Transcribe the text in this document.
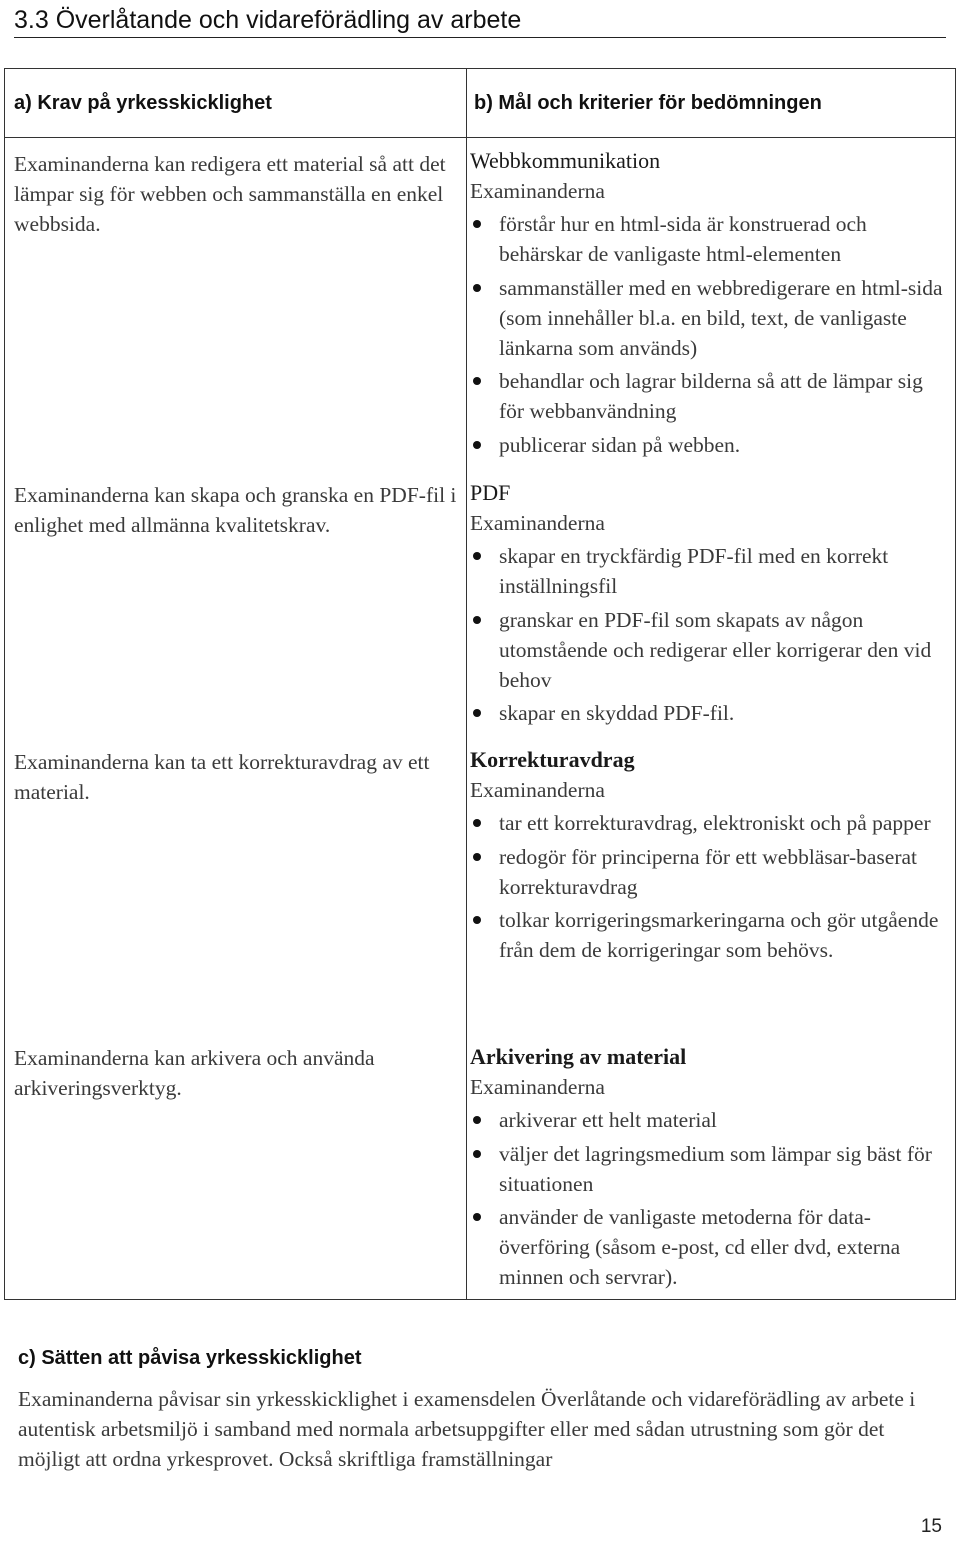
3.3 Överlåtande och vidareförädling av arbete
a) Krav på yrkesskicklighet	b) Mål och kriterier för bedömningen

Examinanderna kan redigera ett material så att det lämpar sig för webben och sammanställa en enkel webbsida.

Examinanderna kan skapa och granska en PDF-fil i enlighet med allmänna kvalitetskrav.

Examinanderna kan ta ett korrekturavdrag av ett material.

Examinanderna kan arkivera och använda arkiveringsverktyg.

Webbkommunikation
Examinanderna
förstår hur en html-sida är konstruerad och behärskar de vanligaste html-elementen
sammanställer med en webbredigerare en html-sida (som innehåller bl.a. en bild, text, de vanligaste länkarna som används)
behandlar och lagrar bilderna så att de lämpar sig för webbanvändning
publicerar sidan på webben.
PDF
Examinanderna
skapar en tryckfärdig PDF-fil med en korrekt inställningsfil
granskar en PDF-fil som skapats av någon utomstående och redigerar eller korrigerar den vid behov
skapar en skyddad PDF-fil.
Korrekturavdrag
Examinanderna
tar ett korrekturavdrag, elektroniskt och på papper
redogör för principerna för ett webbläsar-baserat korrekturavdrag
tolkar korrigeringsmarkeringarna och gör utgående från dem de korrigeringar som behövs.
Arkivering av material
Examinanderna
arkiverar ett helt material
väljer det lagringsmedium som lämpar sig bäst för situationen
använder de vanligaste metoderna för data-överföring (såsom e-post, cd eller dvd, externa minnen och servrar).
c) Sätten att påvisa yrkesskicklighet

Examinanderna påvisar sin yrkesskicklighet i examensdelen Överlåtande och vidareförädling av arbete i autentisk arbetsmiljö i samband med normala arbetsuppgifter eller med sådan utrustning som gör det möjligt att ordna yrkesprovet. Också skriftliga framställningar

15
